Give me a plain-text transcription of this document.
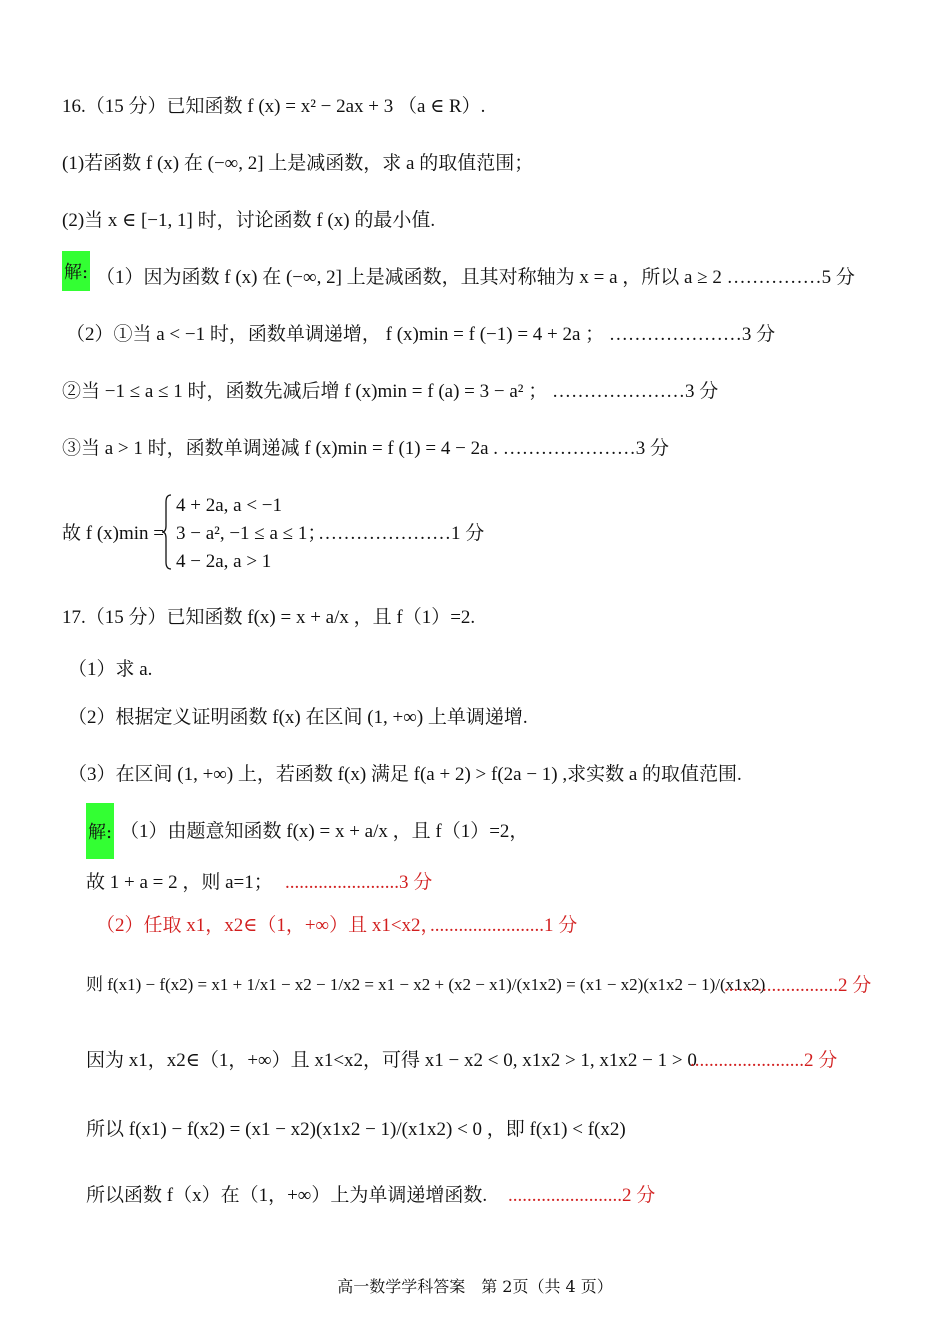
16.（15 分）已知函数 f (x) = x² − 2ax + 3 （a ∈ R）.
(1)若函数 f (x) 在 (−∞, 2] 上是减函数，求 a 的取值范围；
(2)当 x ∈ [−1, 1] 时，讨论函数 f (x) 的最小值.
解: （1）因为函数 f (x) 在 (−∞, 2] 上是减函数，且其对称轴为 x = a ，所以 a ≥ 2 ……………5 分
（2）①当 a < −1 时，函数单调递增， f (x)min = f (−1) = 4 + 2a ； …………………3 分
②当 −1 ≤ a ≤ 1 时，函数先减后增 f (x)min = f (a) = 3 − a² ； …………………3 分
③当 a > 1 时，函数单调递减 f (x)min = f (1) = 4 − 2a . …………………3 分
故 f (x)min =
4 + 2a, a < −1
3 − a², −1 ≤ a ≤ 1；
4 − 2a, a > 1
…………………1 分
17.（15 分）已知函数 f(x) = x + a/x ，且 f（1）=2.
（1）求 a.
（2）根据定义证明函数 f(x) 在区间 (1, +∞) 上单调递增.
（3）在区间 (1, +∞) 上，若函数 f(x) 满足 f(a + 2) > f(2a − 1) ,求实数 a 的取值范围.
解: （1）由题意知函数 f(x) = x + a/x ，且 f（1）=2，
故 1 + a = 2 ，则 a=1； ........................3 分
（2）任取 x1，x2∈（1，+∞）且 x1<x2，
........................1 分
则 f(x1) − f(x2) = x1 + 1/x1 − x2 − 1/x2 = x1 − x2 + (x2 − x1)/(x1x2) = (x1 − x2)(x1x2 − 1)/(x1x2)
........................2 分
因为 x1，x2∈（1，+∞）且 x1<x2，可得 x1 − x2 < 0, x1x2 > 1, x1x2 − 1 > 0
........................2 分
所以 f(x1) − f(x2) = (x1 − x2)(x1x2 − 1)/(x1x2) < 0 ，即 f(x1) < f(x2)
所以函数 f（x）在（1，+∞）上为单调递增函数. ........................2 分
高一数学学科答案　第 2页（共 4 页）
